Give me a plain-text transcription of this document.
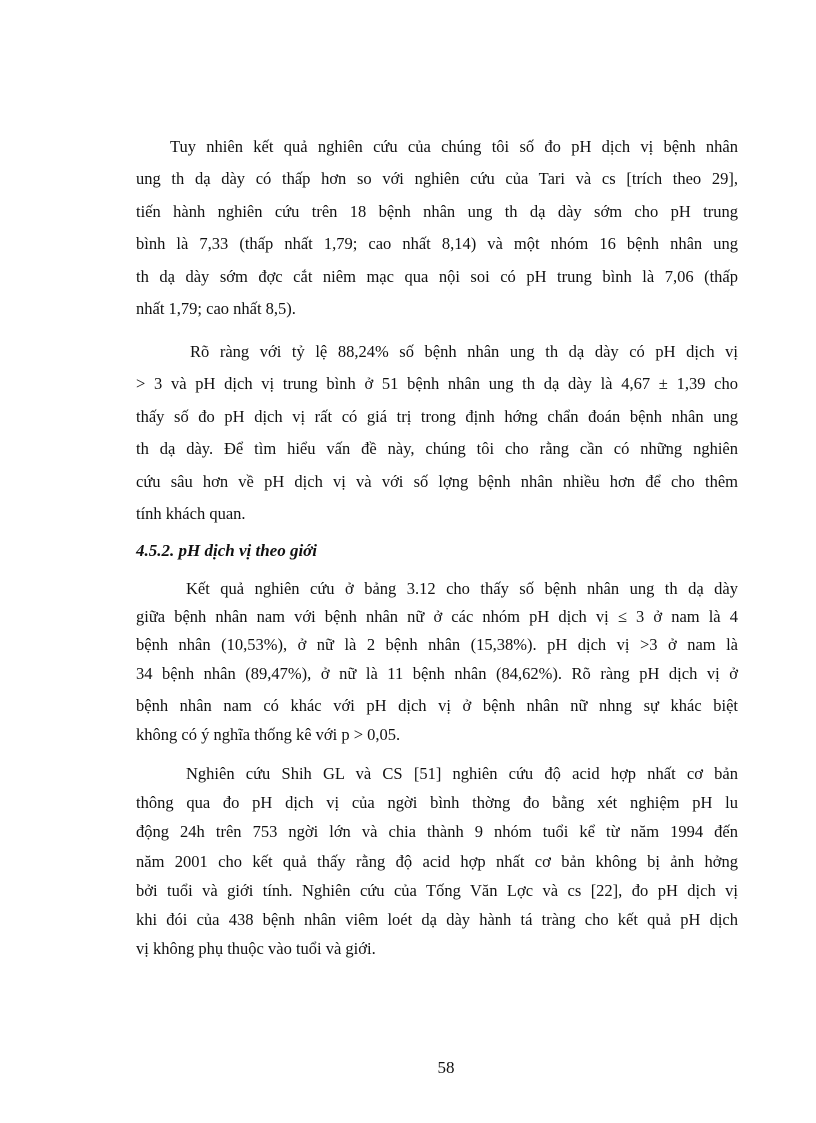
Tuy nhiên kết quả nghiên cứu của chúng tôi số đo pH dịch vị bệnh nhân
ung th dạ dày có thấp hơn so với nghiên cứu của Tari và cs [trích theo 29],
tiến hành nghiên cứu trên 18 bệnh nhân ung th dạ dày sớm cho pH trung
bình là 7,33 (thấp nhất 1,79; cao nhất 8,14) và một nhóm 16 bệnh nhân ung
th dạ dày sớm đợc cắt niêm mạc qua nội soi có pH trung bình là 7,06 (thấp
nhất 1,79; cao nhất 8,5).
Rõ ràng với tỷ lệ 88,24% số bệnh nhân ung th dạ dày có pH dịch vị
> 3 và pH dịch vị trung bình ở 51 bệnh nhân ung th dạ dày là 4,67 ± 1,39 cho
thấy số đo pH dịch vị rất có giá trị trong định hớng chẩn đoán bệnh nhân ung
th dạ dày. Để tìm hiểu vấn đề này, chúng tôi cho rằng cần có những nghiên
cứu sâu hơn về pH dịch vị và với số lợng bệnh nhân nhiều hơn để cho thêm
tính khách quan.
4.5.2. pH dịch vị theo giới
Kết quả nghiên cứu ở bảng 3.12 cho thấy số bệnh nhân ung th dạ dày
giữa bệnh nhân nam với bệnh nhân nữ ở các nhóm pH dịch vị ≤ 3 ở nam là 4
bệnh nhân (10,53%), ở nữ là 2 bệnh nhân (15,38%). pH dịch vị >3 ở nam là
34 bệnh nhân (89,47%), ở nữ là 11 bệnh nhân (84,62%). Rõ ràng pH dịch vị ở
bệnh nhân nam có khác với pH dịch vị ở bệnh nhân nữ nhng sự khác biệt
không có ý nghĩa thống kê với p > 0,05.
Nghiên cứu Shih GL và CS [51] nghiên cứu độ acid hợp nhất cơ bản
thông qua đo pH dịch vị của ngời bình thờng đo bằng xét nghiệm pH lu
động 24h trên 753 ngời lớn và chia thành 9 nhóm tuổi kể từ năm 1994 đến
năm 2001 cho kết quả thấy rằng độ acid hợp nhất cơ bản không bị ảnh hởng
bởi tuổi và giới tính. Nghiên cứu của Tống Văn Lợc và cs [22], đo pH dịch vị
khi đói của 438 bệnh nhân viêm loét dạ dày hành tá tràng cho kết quả pH dịch
vị không phụ thuộc vào tuổi và giới.
58
